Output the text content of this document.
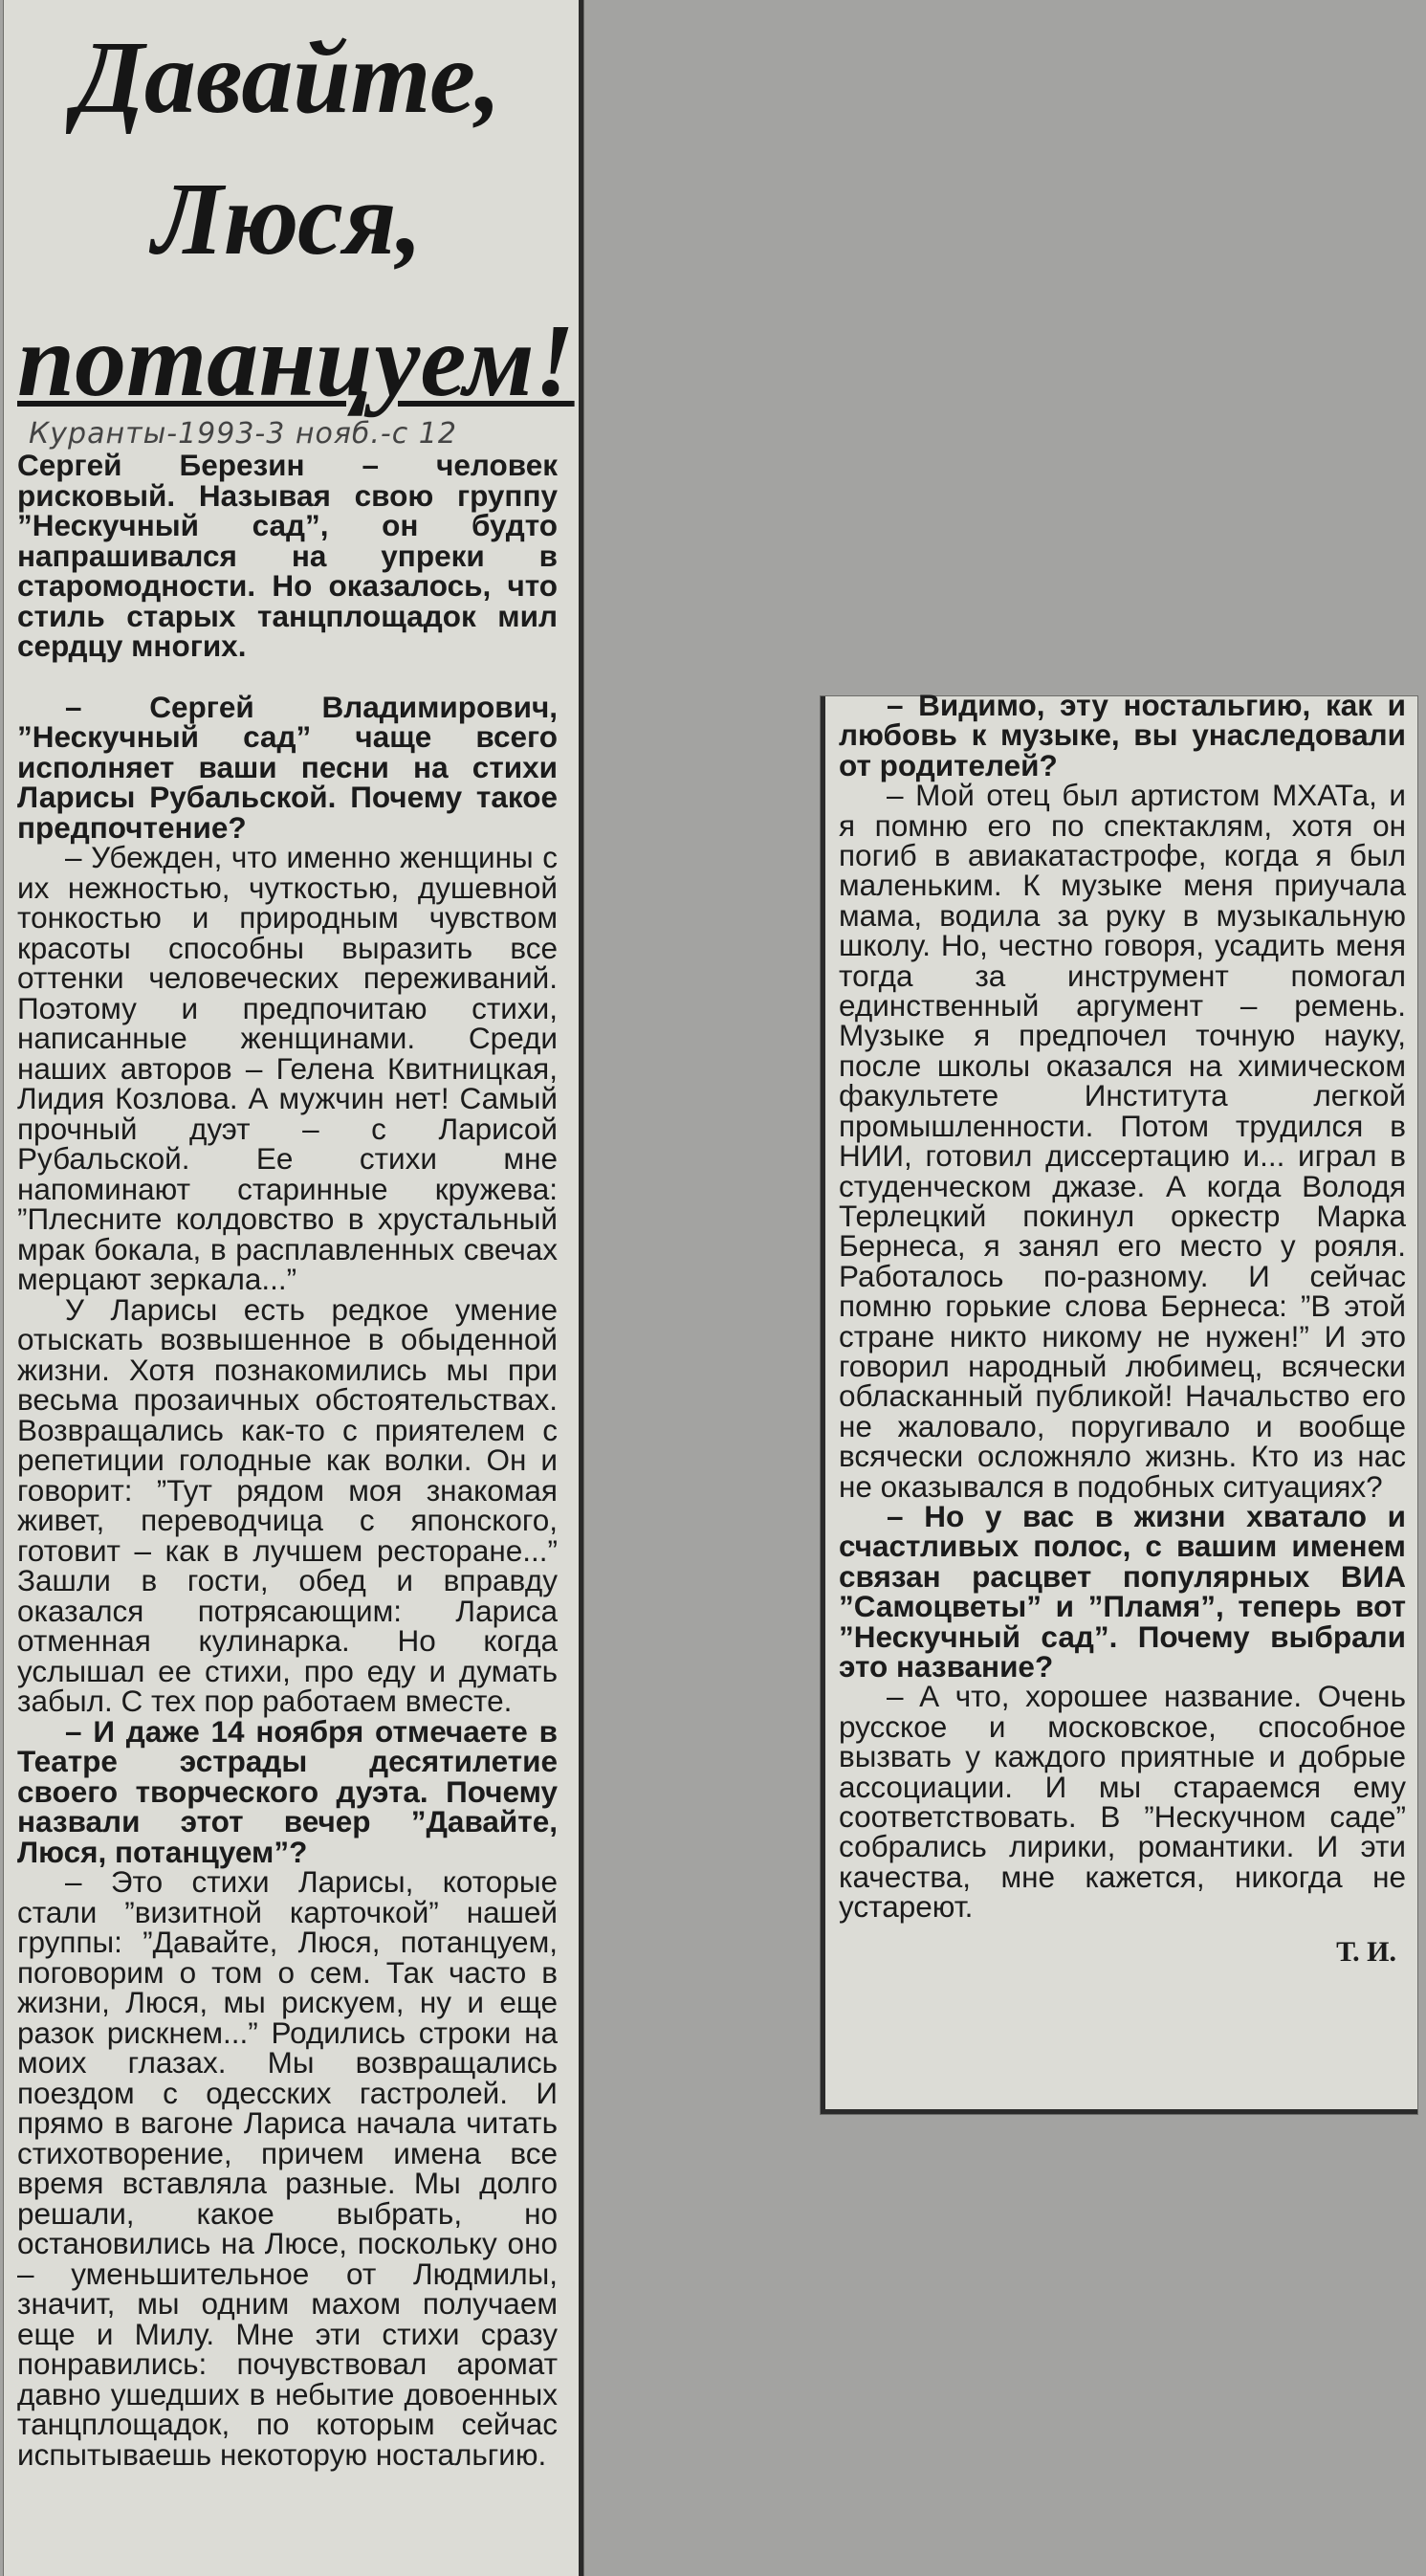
Давайте,
Люся,
потанцуем!
Куранты-1993-3 нояб.-с 12

Сергей Березин – человек рисковый. Называя свою группу ”Нескучный сад”, он будто напрашивался на упреки в старомодности. Но оказалось, что стиль старых танцплощадок мил сердцу многих.

– Сергей Владимирович, ”Нескучный сад” чаще всего исполняет ваши песни на стихи Ларисы Рубальской. Почему такое предпочтение?

– Убежден, что именно женщины с их нежностью, чуткостью, душевной тонкостью и природным чувством красоты способны выразить все оттенки человеческих переживаний. Поэтому и предпочитаю стихи, написанные женщинами. Среди наших авторов – Гелена Квитницкая, Лидия Козлова. А мужчин нет! Самый прочный дуэт – с Ларисой Рубальской. Ее стихи мне напоминают старинные кружева: ”Плесните колдовство в хрустальный мрак бокала, в расплавленных свечах мерцают зеркала...”

У Ларисы есть редкое умение отыскать возвышенное в обыденной жизни. Хотя познакомились мы при весьма прозаичных обстоятельствах. Возвращались как-то с приятелем с репетиции голодные как волки. Он и говорит: ”Тут рядом моя знакомая живет, переводчица с японского, готовит – как в лучшем ресторане...” Зашли в гости, обед и вправду оказался потрясающим: Лариса отменная кулинарка. Но когда услышал ее стихи, про еду и думать забыл. С тех пор работаем вместе.

– И даже 14 ноября отмечаете в Театре эстрады десятилетие своего творческого дуэта. Почему назвали этот вечер ”Давайте, Люся, потанцуем”?

– Это стихи Ларисы, которые стали ”визитной карточкой” нашей группы: ”Давайте, Люся, потанцуем, поговорим о том о сем. Так часто в жизни, Люся, мы рискуем, ну и еще разок рискнем...” Родились строки на моих глазах. Мы возвращались поездом с одесских гастролей. И прямо в вагоне Лариса начала читать стихотворение, причем имена все время вставляла разные. Мы долго решали, какое выбрать, но остановились на Люсе, поскольку оно – уменьшительное от Людмилы, значит, мы одним махом получаем еще и Милу. Мне эти стихи сразу понравились: почувствовал аромат давно ушедших в небытие довоенных танцплощадок, по которым сейчас испытываешь некоторую ностальгию.

– Видимо, эту ностальгию, как и любовь к музыке, вы унаследовали от родителей?

– Мой отец был артистом МХАТа, и я помню его по спектаклям, хотя он погиб в авиакатастрофе, когда я был маленьким. К музыке меня приучала мама, водила за руку в музыкальную школу. Но, честно говоря, усадить меня тогда за инструмент помогал единственный аргумент – ремень. Музыке я предпочел точную науку, после школы оказался на химическом факультете Института легкой промышленности. Потом трудился в НИИ, готовил диссертацию и... играл в студенческом джазе. А когда Володя Терлецкий покинул оркестр Марка Бернеса, я занял его место у рояля. Работалось по-разному. И сейчас помню горькие слова Бернеса: ”В этой стране никто никому не нужен!” И это говорил народный любимец, всячески обласканный публикой! Начальство его не жаловало, поругивало и вообще всячески осложняло жизнь. Кто из нас не оказывался в подобных ситуациях?

– Но у вас в жизни хватало и счастливых полос, с вашим именем связан расцвет популярных ВИА ”Самоцветы” и ”Пламя”, теперь вот ”Нескучный сад”. Почему выбрали это название?

– А что, хорошее название. Очень русское и московское, способное вызвать у каждого приятные и добрые ассоциации. И мы стараемся ему соответствовать. В ”Нескучном саде” собрались лирики, романтики. И эти качества, мне кажется, никогда не устареют.

Т. И.
